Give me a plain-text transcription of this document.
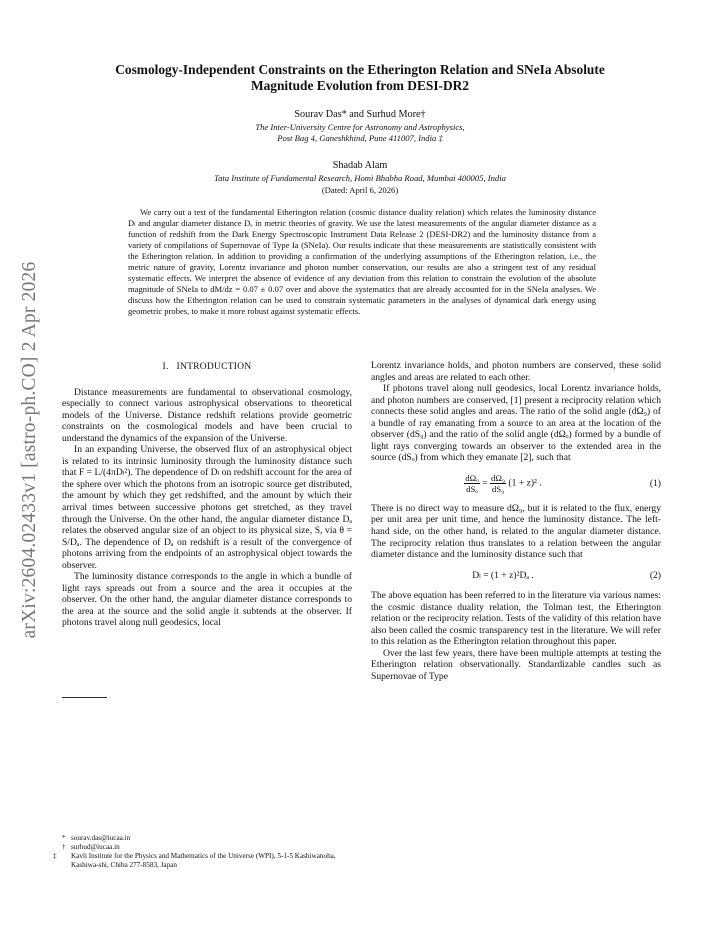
arXiv:2604.02433v1 [astro-ph.CO] 2 Apr 2026
Cosmology-Independent Constraints on the Etherington Relation and SNeIa Absolute
Magnitude Evolution from DESI-DR2
Sourav Das* and Surhud More†
The Inter-University Centre for Astronomy and Astrophysics,
Post Bag 4, Ganeshkhind, Pune 411007, India ‡
Shadab Alam
Tata Institute of Fundamental Research, Homi Bhabha Road, Mumbai 400005, India
(Dated: April 6, 2026)

We carry out a test of the fundamental Etherington relation (cosmic distance duality relation) which relates the luminosity distance Dₗ and angular diameter distance Dₐ in metric theories of gravity. We use the latest measurements of the angular diameter distance as a function of redshift from the Dark Energy Spectroscopic Instrument Data Release 2 (DESI-DR2) and the luminosity distance from a variety of compilations of Supernovae of Type Ia (SNeIa). Our results indicate that these measurements are statistically consistent with the Etherington relation. In addition to providing a confirmation of the underlying assumptions of the Etherington relation, i.e., the metric nature of gravity, Lorentz invariance and photon number conservation, our results are also a stringent test of any residual systematic effects. We interpret the absence of evidence of any deviation from this relation to constrain the evolution of the absolute magnitude of SNeIa to dM/dz = 0.07 ± 0.07 over and above the systematics that are already accounted for in the SNeIa analyses. We discuss how the Etherington relation can be used to constrain systematic parameters in the analyses of dynamical dark energy using geometric probes, to make it more robust against systematic effects.

I. INTRODUCTION

Distance measurements are fundamental to observational cosmology, especially to connect various astrophysical observations to theoretical models of the Universe. Distance redshift relations provide geometric constraints on the cosmological models and have been crucial to understand the dynamics of the expansion of the Universe.

In an expanding Universe, the observed flux of an astrophysical object is related to its intrinsic luminosity through the luminosity distance such that F = L/(4πDₗ²). The dependence of Dₗ on redshift account for the area of the sphere over which the photons from an isotropic source get distributed, the amount by which they get redshifted, and the amount by which their arrival times between successive photons get stretched, as they travel through the Universe. On the other hand, the angular diameter distance Dₐ relates the observed angular size of an object to its physical size, S, via θ = S/Dₐ. The dependence of Dₐ on redshift is a result of the convergence of photons arriving from the endpoints of an astrophysical object towards the observer.

The luminosity distance corresponds to the angle in which a bundle of light rays spreads out from a source and the area it occupies at the observer. On the other hand, the angular diameter distance corresponds to the area at the source and the solid angle it subtends at the observer. If photons travel along null geodesics, local

Lorentz invariance holds, and photon numbers are conserved, these solid angles and areas are related to each other.

If photons travel along null geodesics, local Lorentz invariance holds, and photon numbers are conserved, [1] present a reciprocity relation which connects these solid angles and areas. The ratio of the solid angle (dΩ₉) of a bundle of ray emanating from a source to an area at the location of the observer (dS₉) and the ratio of the solid angle (dΩₒ) formed by a bundle of light rays converging towards an observer to the extended area in the source (dSₒ) from which they emanate [2], such that

$\frac{\text{dΩₒ}}{\text{dSₒ}} = \frac{\text{dΩ₉}}{\text{dS₉}} (1 + z)^2$ .	(1)

There is no direct way to measure dΩ₉, but it is related to the flux, energy per unit area per unit time, and hence the luminosity distance. The left-hand side, on the other hand, is related to the angular diameter distance. The reciprocity relation thus translates to a relation between the angular diameter distance and the luminosity distance such that

Dₗ = (1 + z)²Dₐ .	(2)

The above equation has been referred to in the literature via various names: the cosmic distance duality relation, the Tolman test, the Etherington relation or the reciprocity relation. Tests of the validity of this relation have also been called the cosmic transparency test in the literature. We will refer to this relation as the Etherington relation throughout this paper.

Over the last few years, there have been multiple attempts at testing the Etherington relation observationally. Standardizable candles such as Supernovae of Type

* sourav.das@iucaa.in
† surhud@iucaa.in
‡ Kavli Institute for the Physics and Mathematics of the Universe (WPI), 5-1-5 Kashiwanoha, Kashiwa-shi, Chiba 277-8583, Japan
